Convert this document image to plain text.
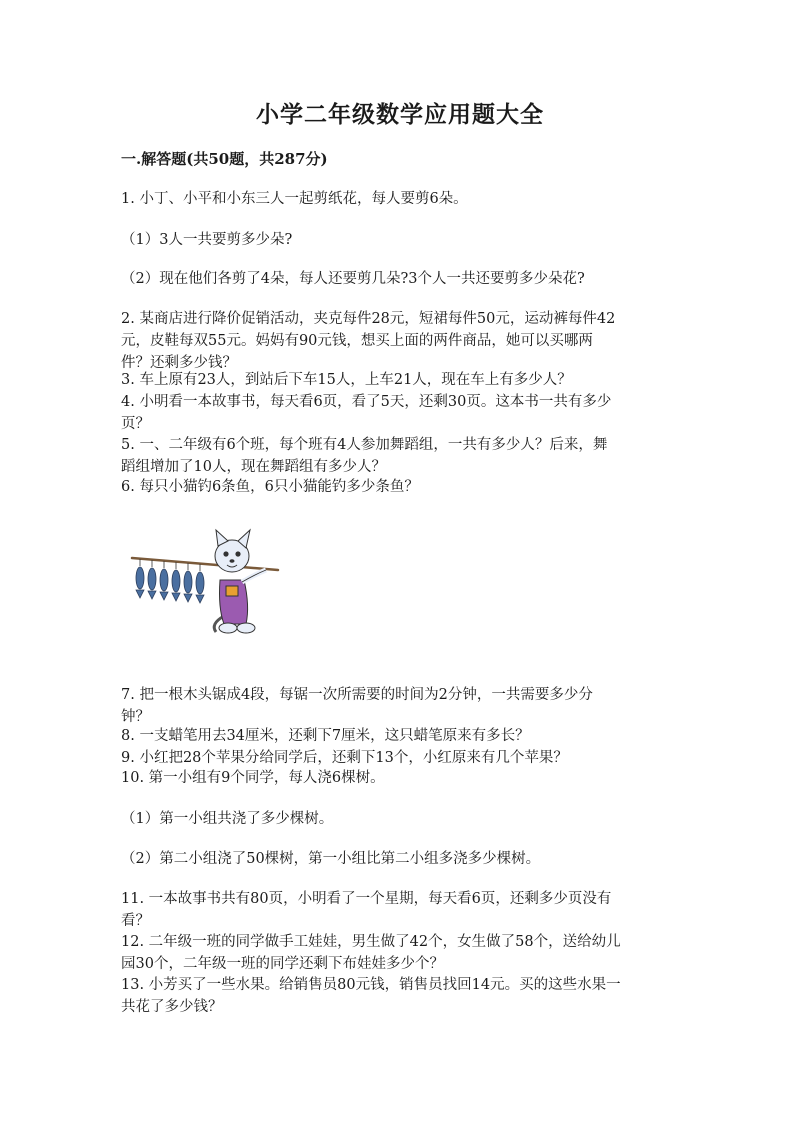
小学二年级数学应用题大全
一.解答题(共50题，共287分)
1. 小丁、小平和小东三人一起剪纸花，每人要剪6朵。
（1）3人一共要剪多少朵?
（2）现在他们各剪了4朵，每人还要剪几朵?3个人一共还要剪多少朵花?
2. 某商店进行降价促销活动，夹克每件28元，短裙每件50元，运动裤每件42
元，皮鞋每双55元。妈妈有90元钱，想买上面的两件商品，她可以买哪两
件？还剩多少钱？
3. 车上原有23人，到站后下车15人，上车21人，现在车上有多少人？
4. 小明看一本故事书，每天看6页，看了5天，还剩30页。这本书一共有多少
页？
5. 一、二年级有6个班，每个班有4人参加舞蹈组，一共有多少人？后来，舞
蹈组增加了10人，现在舞蹈组有多少人？
6. 每只小猫钓6条鱼，6只小猫能钓多少条鱼？
7. 把一根木头锯成4段，每锯一次所需要的时间为2分钟，一共需要多少分
钟？
8. 一支蜡笔用去34厘米，还剩下7厘米，这只蜡笔原来有多长？
9. 小红把28个苹果分给同学后，还剩下13个，小红原来有几个苹果？
10. 第一小组有9个同学，每人浇6棵树。
（1）第一小组共浇了多少棵树。
（2）第二小组浇了50棵树，第一小组比第二小组多浇多少棵树。
11. 一本故事书共有80页，小明看了一个星期，每天看6页，还剩多少页没有
看？
12. 二年级一班的同学做手工娃娃，男生做了42个，女生做了58个，送给幼儿
园30个，二年级一班的同学还剩下布娃娃多少个？
13. 小芳买了一些水果。给销售员80元钱，销售员找回14元。买的这些水果一
共花了多少钱？
